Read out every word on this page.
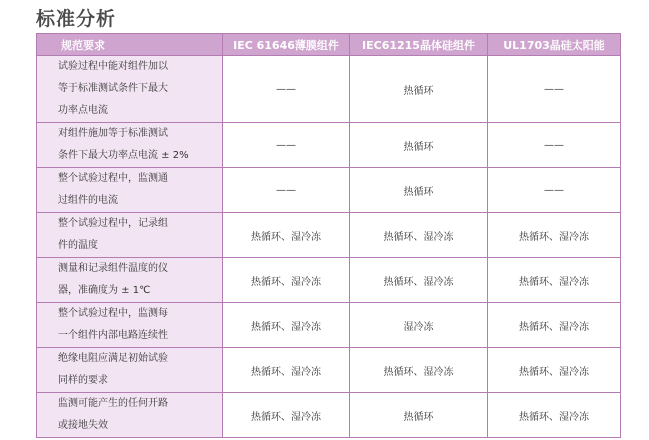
标准分析
规范要求	IEC 61646薄膜组件	IEC61215晶体硅组件	UL1703晶硅太阳能

试验过程中能对组件加以
等于标准测试条件下最大
功率点电流	——	热循环	——

对组件施加等于标准测试
条件下最大功率点电流 ± 2%	——	热循环	——

整个试验过程中，监测通
过组件的电流	——	热循环	——

整个试验过程中，记录组
件的温度	热循环、湿冷冻	热循环、湿冷冻	热循环、湿冷冻

测量和记录组件温度的仪
器，准确度为 ± 1℃	热循环、湿冷冻	热循环、湿冷冻	热循环、湿冷冻

整个试验过程中，监测每
一个组件内部电路连续性	热循环、湿冷冻	湿冷冻	热循环、湿冷冻

绝缘电阻应满足初始试验
同样的要求	热循环、湿冷冻	热循环、湿冷冻	热循环、湿冷冻

监测可能产生的任何开路
或接地失效	热循环、湿冷冻	热循环	热循环、湿冷冻
